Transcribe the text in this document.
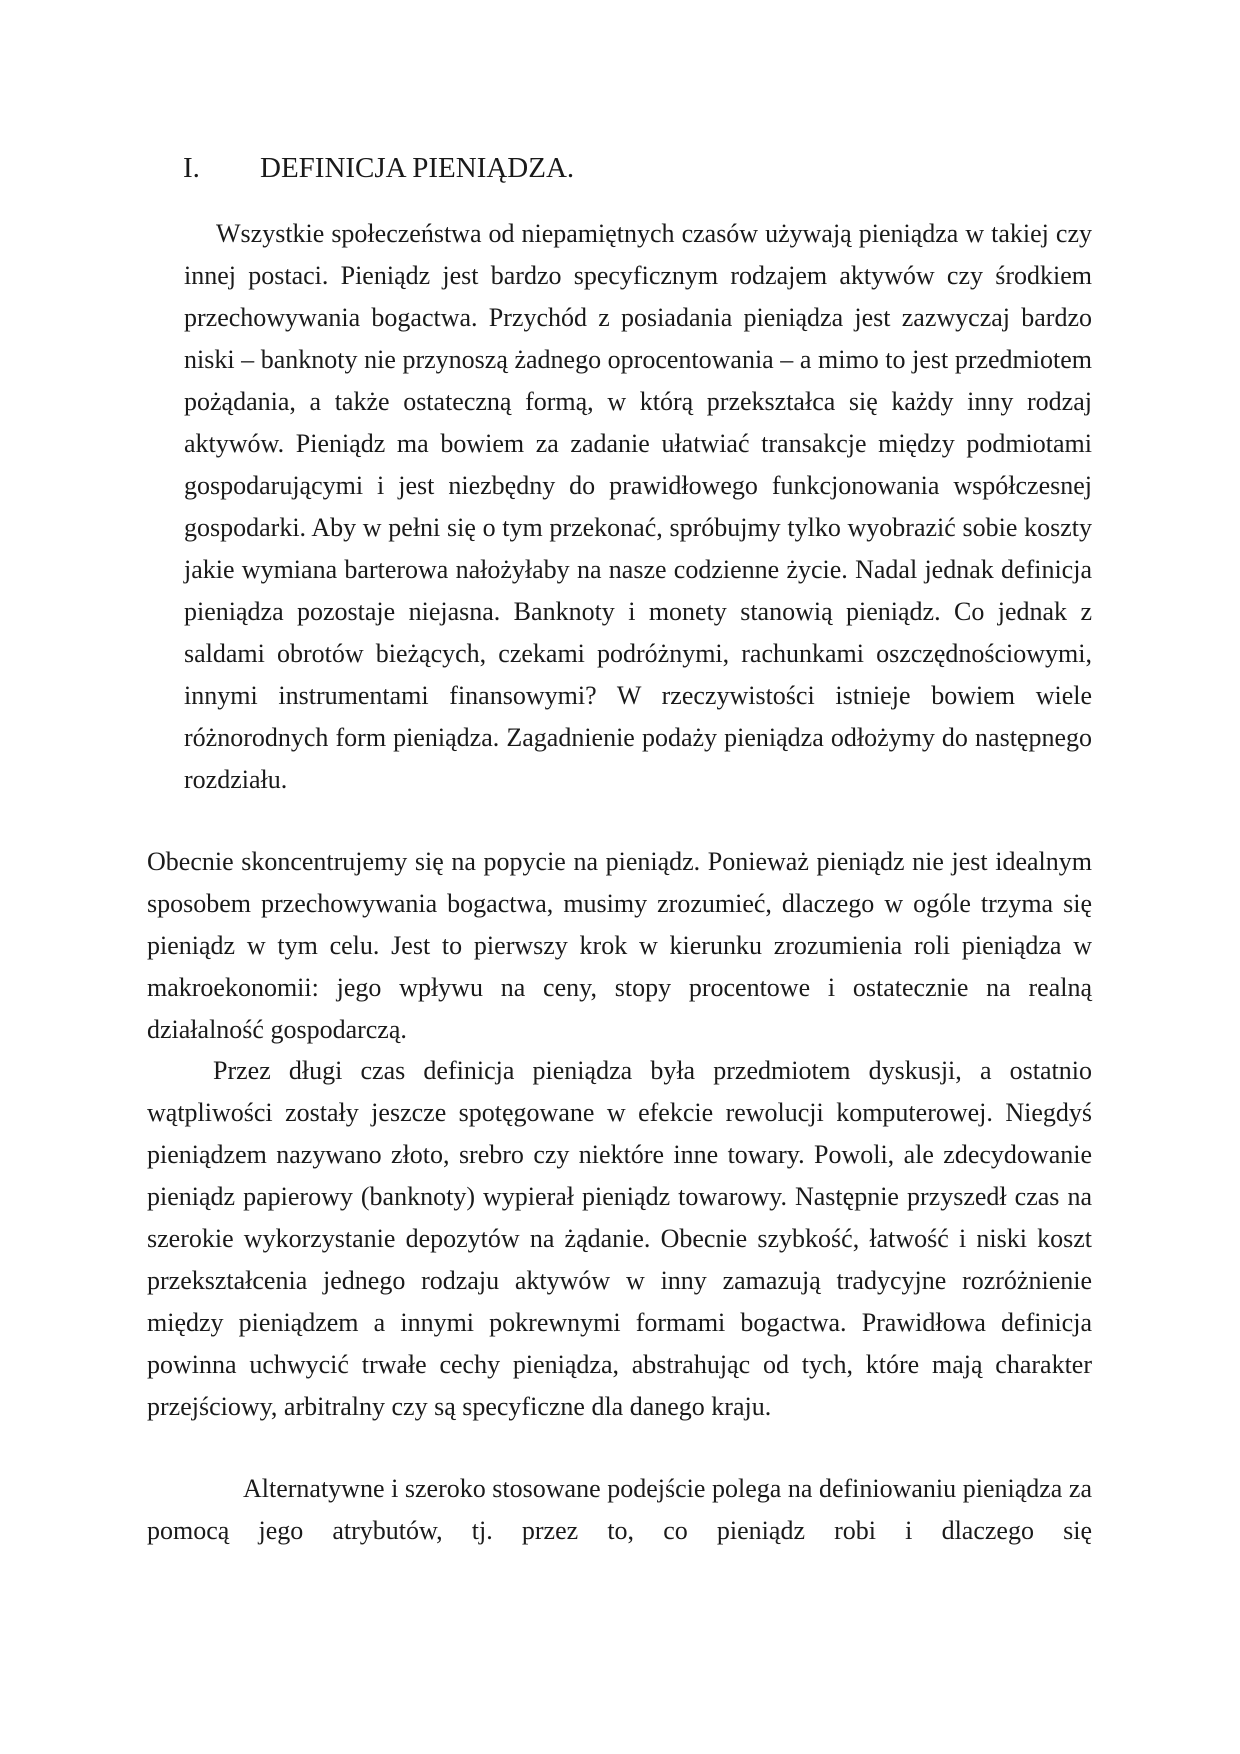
I. DEFINICJA PIENIĄDZA.

Wszystkie społeczeństwa od niepamiętnych czasów używają pieniądza w takiej czy innej postaci. Pieniądz jest bardzo specyficznym rodzajem aktywów czy środkiem przechowywania bogactwa. Przychód z posiadania pieniądza jest zazwyczaj bardzo niski – banknoty nie przynoszą żadnego oprocentowania – a mimo to jest przedmiotem pożądania, a także ostateczną formą, w którą przekształca się każdy inny rodzaj aktywów. Pieniądz ma bowiem za zadanie ułatwiać transakcje między podmiotami gospodarującymi i jest niezbędny do prawidłowego funkcjonowania współczesnej gospodarki. Aby w pełni się o tym przekonać, spróbujmy tylko wyobrazić sobie koszty jakie wymiana barterowa nałożyłaby na nasze codzienne życie. Nadal jednak definicja pieniądza pozostaje niejasna. Banknoty i monety stanowią pieniądz. Co jednak z saldami obrotów bieżących, czekami podróżnymi, rachunkami oszczędnościowymi, innymi instrumentami finansowymi? W rzeczywistości istnieje bowiem wiele różnorodnych form pieniądza. Zagadnienie podaży pieniądza odłożymy do następnego rozdziału.

Obecnie skoncentrujemy się na popycie na pieniądz. Ponieważ pieniądz nie jest idealnym sposobem przechowywania bogactwa, musimy zrozumieć, dlaczego w ogóle trzyma się pieniądz w tym celu. Jest to pierwszy krok w kierunku zrozumienia roli pieniądza w makroekonomii: jego wpływu na ceny, stopy procentowe i ostatecznie na realną działalność gospodarczą.

Przez długi czas definicja pieniądza była przedmiotem dyskusji, a ostatnio wątpliwości zostały jeszcze spotęgowane w efekcie rewolucji komputerowej. Niegdyś pieniądzem nazywano złoto, srebro czy niektóre inne towary. Powoli, ale zdecydowanie pieniądz papierowy (banknoty) wypierał pieniądz towarowy. Następnie przyszedł czas na szerokie wykorzystanie depozytów na żądanie. Obecnie szybkość, łatwość i niski koszt przekształcenia jednego rodzaju aktywów w inny zamazują tradycyjne rozróżnienie między pieniądzem a innymi pokrewnymi formami bogactwa. Prawidłowa definicja powinna uchwycić trwałe cechy pieniądza, abstrahując od tych, które mają charakter przejściowy, arbitralny czy są specyficzne dla danego kraju.

Alternatywne i szeroko stosowane podejście polega na definiowaniu pieniądza za pomocą jego atrybutów, tj. przez to, co pieniądz robi i dlaczego się
